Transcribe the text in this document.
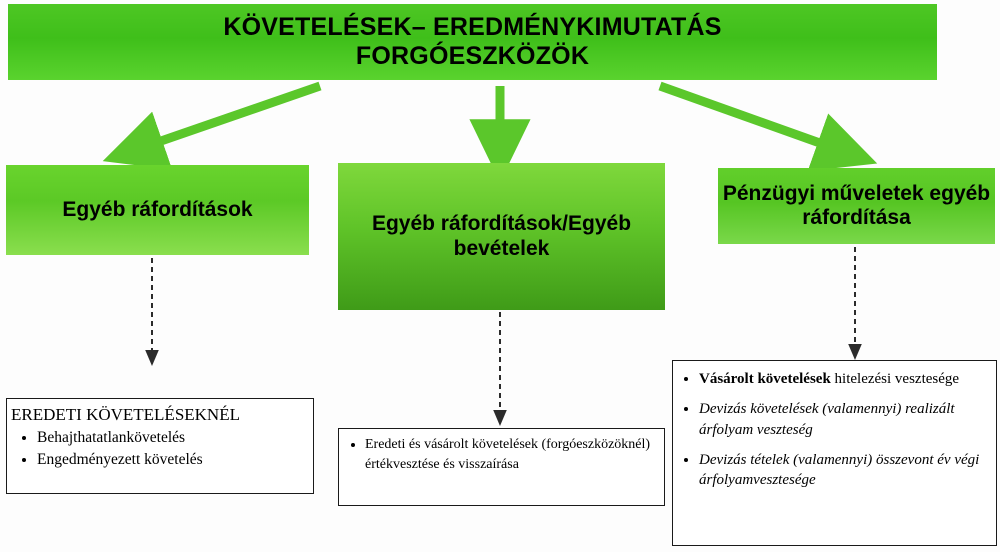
KÖVETELÉSEK– EREDMÉNYKIMUTATÁS
FORGÓESZKÖZÖK
Egyéb ráfordítások
Egyéb ráfordítások/Egyéb bevételek
Pénzügyi műveletek egyéb ráfordítása

EREDETI KÖVETELÉSEKNÉL

• Behajthatatlankövetelés
• Engedményezett követelés
• Eredeti és vásárolt követelések (forgóeszközöknél) értékvesztése és visszaírása
• Vásárolt követelések hitelezési vesztesége
• Devizás követelések (valamennyi) realizált árfolyam veszteség
• Devizás tételek (valamennyi) összevont év végi árfolyamvesztesége
